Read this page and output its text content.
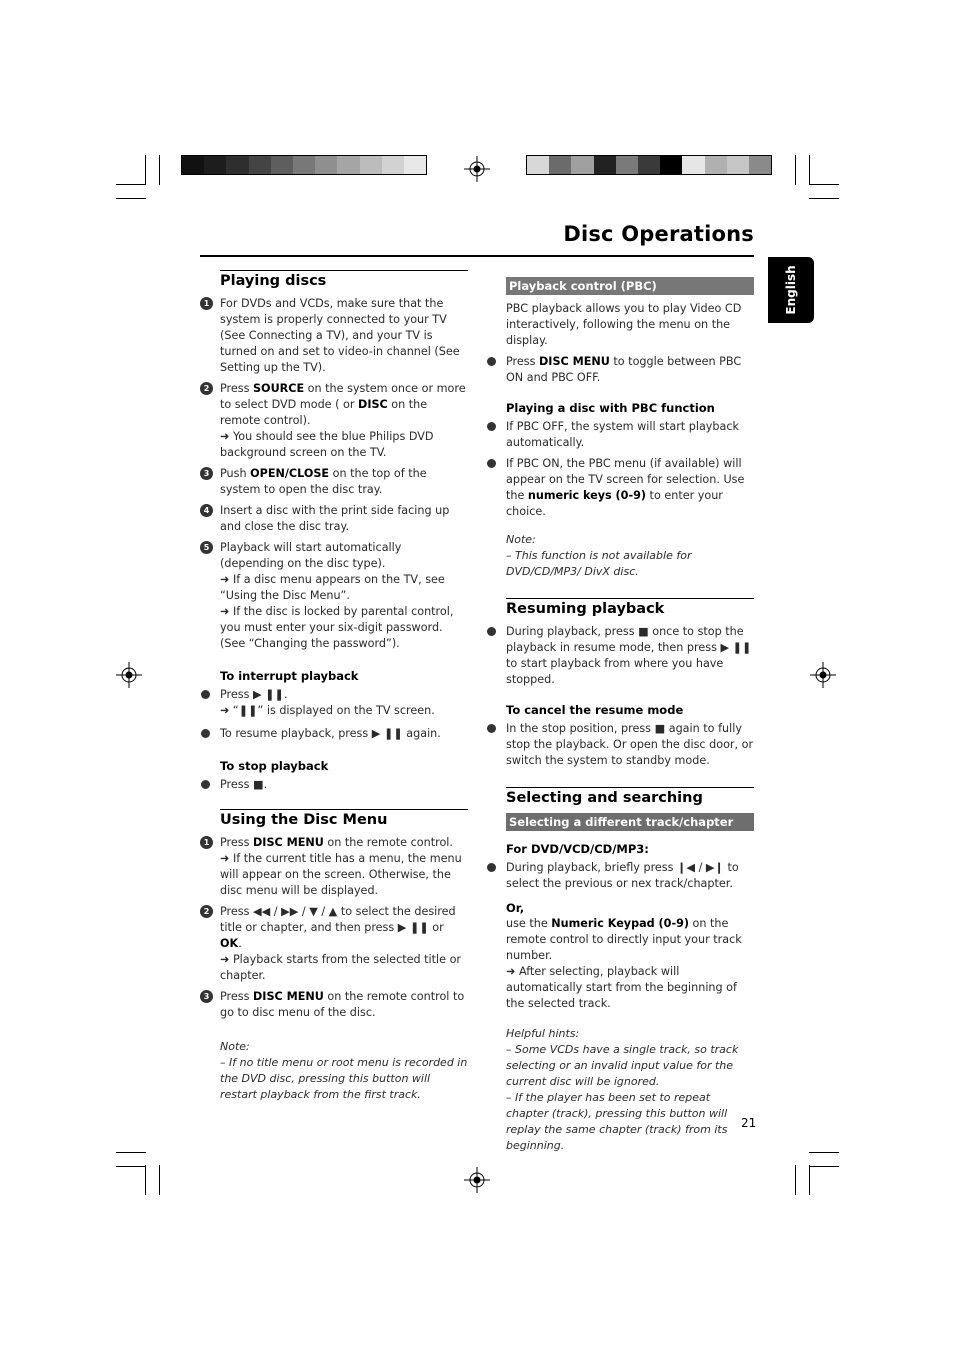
Disc Operations
English
Playing discs
1 For DVDs and VCDs, make sure that the system is properly connected to your TV (See Connecting a TV), and your TV is turned on and set to video-in channel (See Setting up the TV).
2 Press SOURCE on the system once or more to select DVD mode ( or DISC on the remote control).
➜ You should see the blue Philips DVD background screen on the TV.
3 Push OPEN/CLOSE on the top of the system to open the disc tray.
4 Insert a disc with the print side facing up and close the disc tray.
5 Playback will start automatically (depending on the disc type).
➜ If a disc menu appears on the TV, see “Using the Disc Menu”.
➜ If the disc is locked by parental control, you must enter your six-digit password. (See “Changing the password”).
To interrupt playback
Press ▶ ❚❚.
➜ “❚❚” is displayed on the TV screen.
To resume playback, press ▶ ❚❚ again.
To stop playback
Press ■.
Using the Disc Menu
1 Press DISC MENU on the remote control.
➜ If the current title has a menu, the menu will appear on the screen. Otherwise, the disc menu will be displayed.
2 Press ◀◀ / ▶▶ / ▼ / ▲ to select the desired title or chapter, and then press ▶ ❚❚ or OK.
➜ Playback starts from the selected title or chapter.
3 Press DISC MENU on the remote control to go to disc menu of the disc.

Note:

– If no title menu or root menu is recorded in the DVD disc, pressing this button will restart playback from the first track.

Playback control (PBC)
PBC playback allows you to play Video CD interactively, following the menu on the display.
Press DISC MENU to toggle between PBC ON and PBC OFF.
Playing a disc with PBC function
If PBC OFF, the system will start playback automatically.
If PBC ON, the PBC menu (if available) will appear on the TV screen for selection. Use the numeric keys (0-9) to enter your choice.

Note:

– This function is not available for DVD/CD/MP3/ DivX disc.

Resuming playback
During playback, press ■ once to stop the playback in resume mode, then press ▶ ❚❚ to start playback from where you have stopped.
To cancel the resume mode
In the stop position, press ■ again to fully stop the playback. Or open the disc door, or switch the system to standby mode.
Selecting and searching
Selecting a different track/chapter
For DVD/VCD/CD/MP3:
During playback, briefly press ❙◀ / ▶❙ to select the previous or nex track/chapter.
Or,
use the Numeric Keypad (0-9) on the remote control to directly input your track number.
➜ After selecting, playback will automatically start from the beginning of the selected track.

Helpful hints:

– Some VCDs have a single track, so track selecting or an invalid input value for the current disc will be ignored.

– If the player has been set to repeat chapter (track), pressing this button will replay the same chapter (track) from its beginning.

21
